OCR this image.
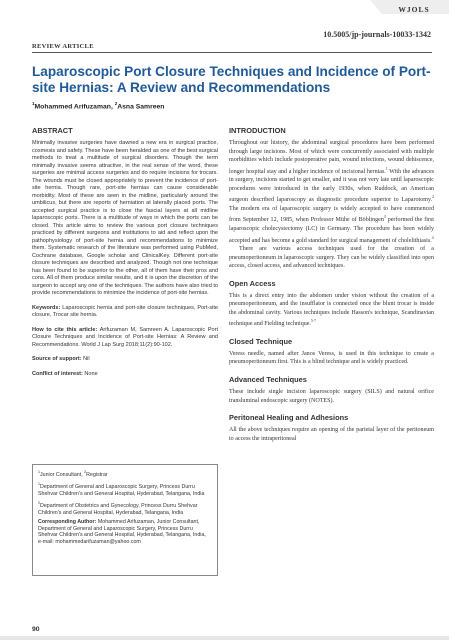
WJOLS
10.5005/jp-journals-10033-1342
REVIEW ARTICLE
Laparoscopic Port Closure Techniques and Incidence of Port-site Hernias: A Review and Recommendations
$^1$Mohammed Arifuzaman, $^2$Asna Samreen
ABSTRACT

Minimally invasive surgeries have dawned a new era in surgical practice, cosmesis and safety. These have been heralded as one of the best surgical methods to treat a multitude of surgical disorders. Though the term minimally invasive seems attractive, in the real sense of the word, these surgeries are minimal access surgeries and do require incisions for trocars. The wounds must be closed appropriately to prevent the incidence of port-site hernia. Though rare, port-site hernias can cause considerable morbidity. Most of these are seen in the midline, particularly around the umbilicus, but there are reports of herniation at laterally placed ports. The accepted surgical practice is to close the fascial layers at all midline laparoscopic ports. There is a multitude of ways in which the ports can be closed. This article aims to review the various port closure techniques practiced by different surgeons and institutions to aid and reflect upon the pathophysiology of port-site hernia and recommendations to minimize them. Systematic research of the literature was performed using PubMed, Cochrane database, Google scholar and ClinicalKey. Different port-site closure techniques are described and analyzed. Though not one technique has been found to be superior to the other, all of them have their pros and cons. All of them produce similar results, and it is upon the discretion of the surgeon to accept any one of the techniques. The authors have also tried to provide recommendations to minimize the incidence of port-site hernias.

Keywords: Laparoscopic hernia and port-site closure techniques, Port-site closure, Trocar site hernia.

How to cite this article: Arifuzaman M, Samreen A. Laparoscopic Port Closure Techniques and Incidence of Port-site Hernias: A Review and Recommendations. World J Lap Surg 2018;11(2):90-102.

Source of support: Nil

Conflict of interest: None

$^1$Junior Consultant, $^2$Registrar

$^1$Department of General and Laparoscopic Surgery, Princess Durru Shehvar Children's and General Hospital, Hyderabad, Telangana, India

$^2$Department of Obstetrics and Gynecology, Princess Durru Shehvar Children's and General Hospital, Hyderabad, Telangana, India

Corresponding Author: Mohammed Arifuzaman, Junior Consultant, Department of General and Laparoscopic Surgery, Princess Durru Shehvar Children's and General Hospital, Hyderabad, Telangana, India, e-mail: mohammedarifuzaman@yahoo.com

INTRODUCTION

Throughout our history, the abdominal surgical procedures have been performed through large incisions. Most of which were concurrently associated with multiple morbidities which include postoperative pain, wound infections, wound dehiscence, longer hospital stay and a higher incidence of incisional hernias.$^1$ With the advances in surgery, incisions started to get smaller, and it was not very late until laparoscopic procedures were introduced in the early 1930s, when Ruddock, an American surgeon described laparoscopy as diagnostic procedure superior to Laparotomy.$^2$ The modern era of laparoscopic surgery is widely accepted to have commenced from September 12, 1985, when Professor Mühe of Böblingen$^3$ performed the first laparoscopic cholecystectomy (LC) in Germany. The procedure has been widely accepted and has become a gold standard for surgical management of cholelithiasis.$^4$

There are various access techniques used for the creation of a pneumoperitoneum in laparoscopic surgery. They can be widely classified into open access, closed access, and advanced techniques.

Open Access

This is a direct entry into the abdomen under vision without the creation of a pneumoperitoneum, and the insufflator is connected once the blunt trocar is inside the abdominal cavity. Various techniques include Hasson's technique, Scandinavian technique and Fielding technique.$^{5-7}$

Closed Technique

Veress needle, named after Janos Veress, is used in this technique to create a pneumoperitoneum first. This is a blind technique and is widely practiced.

Advanced Techniques

These include single incision laparoscopic surgery (SILS) and natural orifice transluminal endoscopic surgery (NOTES).

Peritoneal Healing and Adhesions

All the above techniques require an opening of the parietal layer of the peritoneum to access the intraperitoneal

90
